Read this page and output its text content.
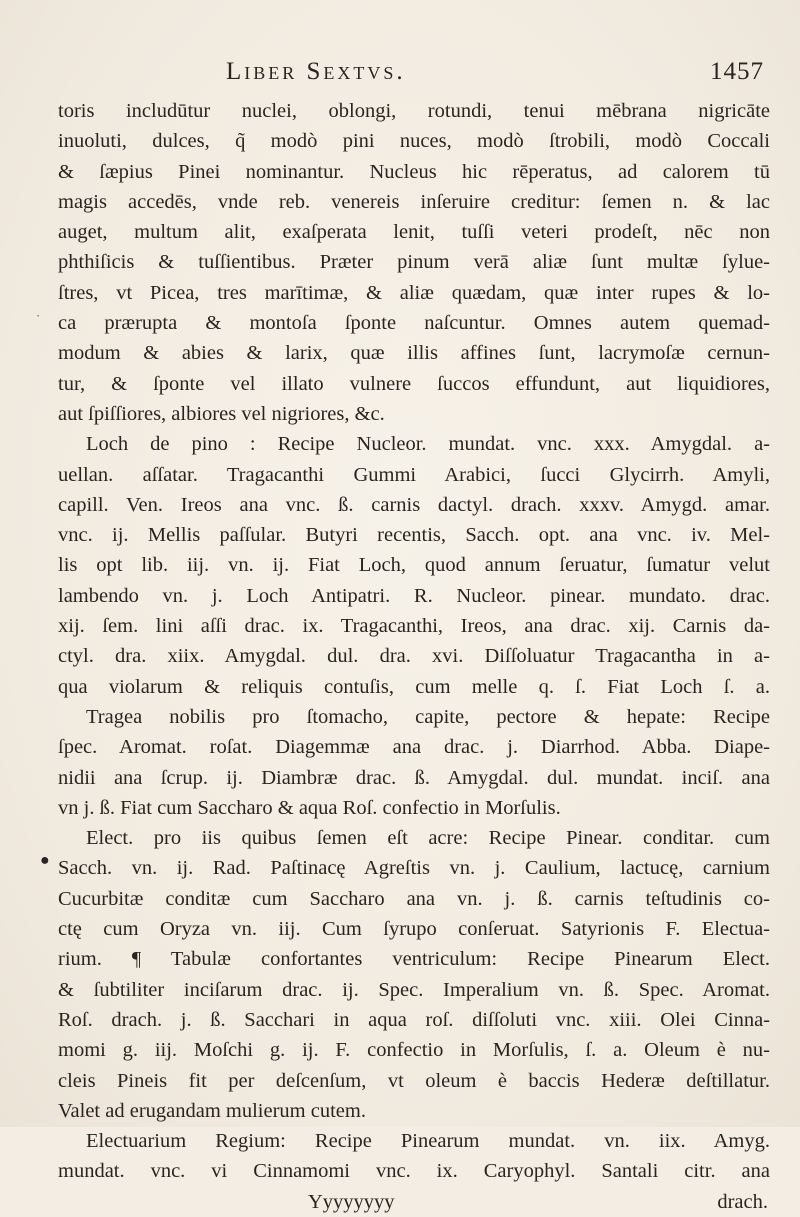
Liber Sextvs.	1457
·
●
toris includūtur nuclei, oblongi, rotundi, tenui mēbrana nigricāte
inuoluti, dulces, q̃ modò pini nuces, modò ſtrobili, modò Coccali
& ſæpius Pinei nominantur. Nucleus hic rēperatus, ad calorem tū
magis accedēs, vnde reb. venereis inſeruire creditur: ſemen n. & lac
auget, multum alit, exaſperata lenit, tuſſi veteri prodeſt, nēc non
phthiſicis & tuſſientibus. Præter pinum verā aliæ ſunt multæ ſylue-
ſtres, vt Picea, tres marītimæ, & aliæ quædam, quæ inter rupes & lo-
ca prærupta & montoſa ſponte naſcuntur. Omnes autem quemad-
modum & abies & larix, quæ illis affines ſunt, lacrymoſæ cernun-
tur, & ſponte vel illato vulnere ſuccos effundunt, aut liquidiores,
aut ſpiſſiores, albiores vel nigriores, &c.
Loch de pino : Recipe Nucleor. mundat. vnc. xxx. Amygdal. a-
uellan. aſſatar. Tragacanthi Gummi Arabici, ſucci Glycirrh. Amyli,
capill. Ven. Ireos ana vnc. ß. carnis dactyl. drach. xxxv. Amygd. amar.
vnc. ij. Mellis paſſular. Butyri recentis, Sacch. opt. ana vnc. iv. Mel-
lis opt lib. iij. vn. ij. Fiat Loch, quod annum ſeruatur, ſumatur velut
lambendo vn. j. Loch Antipatri. R. Nucleor. pinear. mundato. drac.
xij. ſem. lini aſſi drac. ix. Tragacanthi, Ireos, ana drac. xij. Carnis da-
ctyl. dra. xiix. Amygdal. dul. dra. xvi. Diſſoluatur Tragacantha in a-
qua violarum & reliquis contuſis, cum melle q. ſ. Fiat Loch ſ. a.
Tragea nobilis pro ſtomacho, capite, pectore & hepate: Recipe
ſpec. Aromat. roſat. Diagemmæ ana drac. j. Diarrhod. Abba. Diape-
nidii ana ſcrup. ij. Diambræ drac. ß. Amygdal. dul. mundat. inciſ. ana
vn j. ß. Fiat cum Saccharo & aqua Roſ. confectio in Morſulis.
Elect. pro iis quibus ſemen eſt acre: Recipe Pinear. conditar. cum
Sacch. vn. ij. Rad. Paſtinacę Agreſtis vn. j. Caulium, lactucę, carnium
Cucurbitæ conditæ cum Saccharo ana vn. j. ß. carnis teſtudinis co-
ctę cum Oryza vn. iij. Cum ſyrupo conſeruat. Satyrionis F. Electua-
rium. ¶ Tabulæ confortantes ventriculum: Recipe Pinearum Elect.
& ſubtiliter inciſarum drac. ij. Spec. Imperalium vn. ß. Spec. Aromat.
Roſ. drach. j. ß. Sacchari in aqua roſ. diſſoluti vnc. xiii. Olei Cinna-
momi g. iij. Moſchi g. ij. F. confectio in Morſulis, ſ. a. Oleum è nu-
cleis Pineis fit per deſcenſum, vt oleum è baccis Hederæ deſtillatur.
Valet ad erugandam mulierum cutem.
Electuarium Regium: Recipe Pinearum mundat. vn. iix. Amyg.
mundat. vnc. vi Cinnamomi vnc. ix. Caryophyl. Santali citr. ana
Yyyyyyyy	drach.
